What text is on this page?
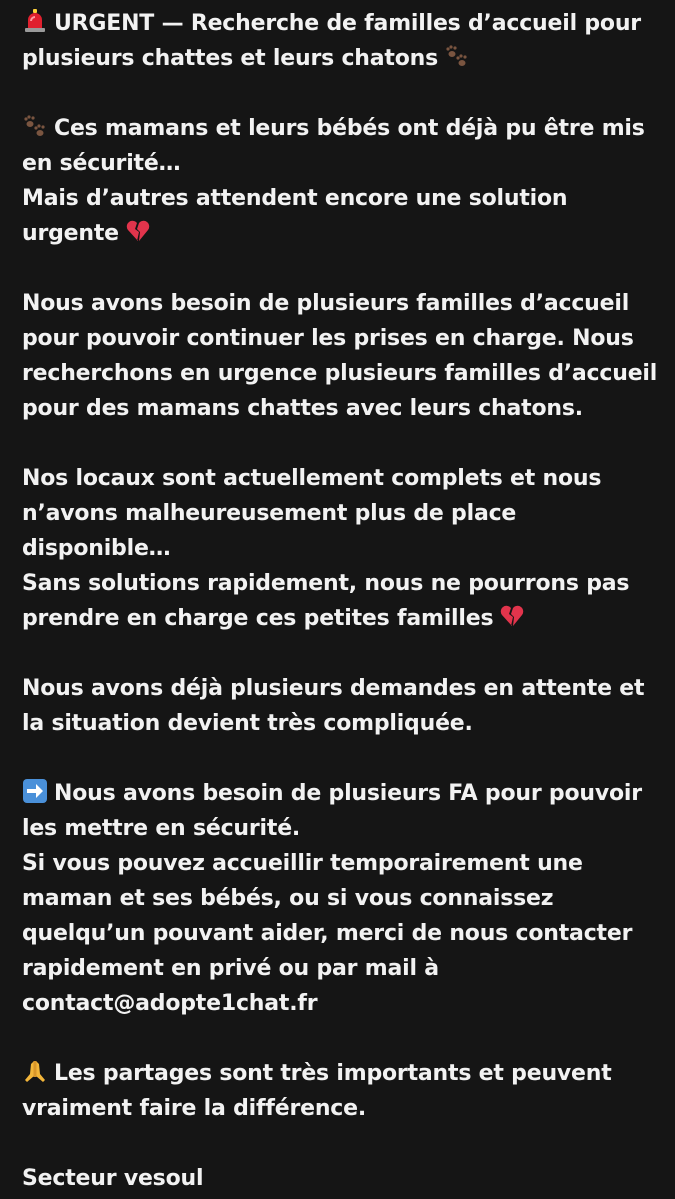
URGENT — Recherche de familles d’accueil pour
plusieurs chattes et leurs chatons
Ces mamans et leurs bébés ont déjà pu être mis
en sécurité…
Mais d’autres attendent encore une solution
urgente
Nous avons besoin de plusieurs familles d’accueil
pour pouvoir continuer les prises en charge. Nous
recherchons en urgence plusieurs familles d’accueil
pour des mamans chattes avec leurs chatons.
Nos locaux sont actuellement complets et nous
n’avons malheureusement plus de place
disponible…
Sans solutions rapidement, nous ne pourrons pas
prendre en charge ces petites familles
Nous avons déjà plusieurs demandes en attente et
la situation devient très compliquée.
Nous avons besoin de plusieurs FA pour pouvoir
les mettre en sécurité.
Si vous pouvez accueillir temporairement une
maman et ses bébés, ou si vous connaissez
quelqu’un pouvant aider, merci de nous contacter
rapidement en privé ou par mail à
contact@adopte1chat.fr
Les partages sont très importants et peuvent
vraiment faire la différence.
Secteur vesoul
